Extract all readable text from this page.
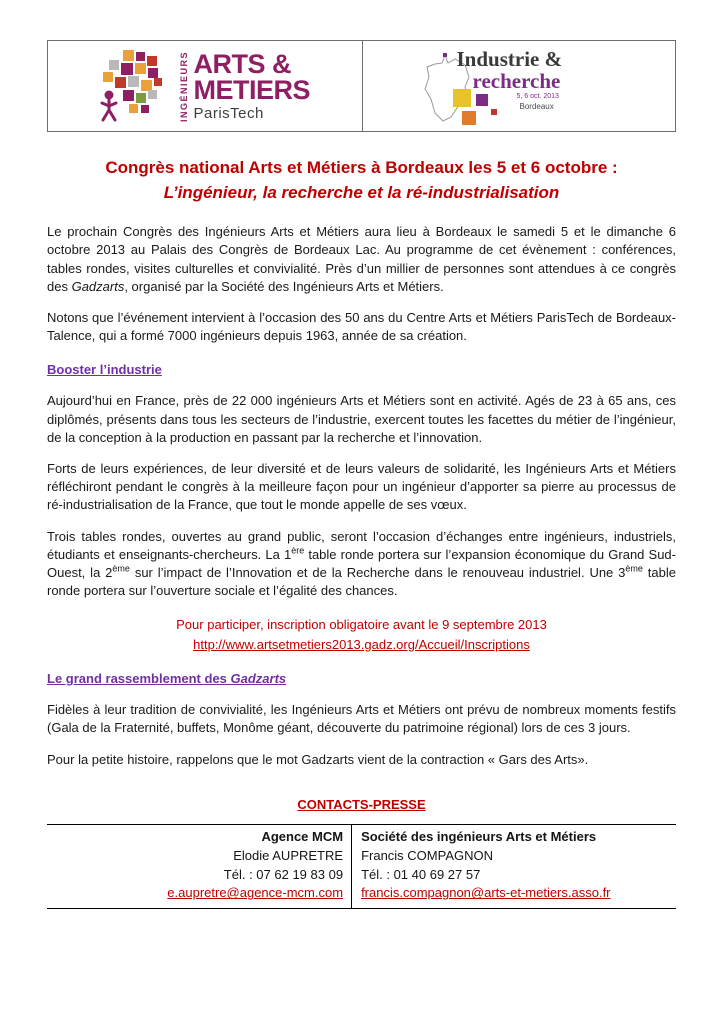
INGÉNIEURS ARTS &
METIERS
ParisTech
Industrie &
recherche
5, 6 oct. 2013
Bordeaux
Congrès national Arts et Métiers à Bordeaux les 5 et 6 octobre :
L’ingénieur, la recherche et la ré-industrialisation

Le prochain Congrès des Ingénieurs Arts et Métiers aura lieu à Bordeaux le samedi 5 et le dimanche 6 octobre 2013 au Palais des Congrès de Bordeaux Lac. Au programme de cet évènement : conférences, tables rondes, visites culturelles et convivialité. Près d’un millier de personnes sont attendues à ce congrès des Gadzarts, organisé par la Société des Ingénieurs Arts et Métiers.

Notons que l’événement intervient à l’occasion des 50 ans du Centre Arts et Métiers ParisTech de Bordeaux-Talence, qui a formé 7000 ingénieurs depuis 1963, année de sa création.

Booster l’industrie

Aujourd’hui en France, près de 22 000 ingénieurs Arts et Métiers sont en activité. Agés de 23 à 65 ans, ces diplômés, présents dans tous les secteurs de l’industrie, exercent toutes les facettes du métier de l’ingénieur, de la conception à la production en passant par la recherche et l’innovation.

Forts de leurs expériences, de leur diversité et de leurs valeurs de solidarité, les Ingénieurs Arts et Métiers réfléchiront pendant le congrès à la meilleure façon pour un ingénieur d’apporter sa pierre au processus de ré-industrialisation de la France, que tout le monde appelle de ses vœux.

Trois tables rondes, ouvertes au grand public, seront l’occasion d’échanges entre ingénieurs, industriels, étudiants et enseignants-chercheurs. La 1ère table ronde portera sur l’expansion économique du Grand Sud-Ouest, la 2ème sur l’impact de l’Innovation et de la Recherche dans le renouveau industriel. Une 3ème table ronde portera sur l’ouverture sociale et l’égalité des chances.

Pour participer, inscription obligatoire avant le 9 septembre 2013
http://www.artsetmetiers2013.gadz.org/Accueil/Inscriptions
Le grand rassemblement des Gadzarts

Fidèles à leur tradition de convivialité, les Ingénieurs Arts et Métiers ont prévu de nombreux moments festifs (Gala de la Fraternité, buffets, Monôme géant, découverte du patrimoine régional) lors de ces 3 jours.

Pour la petite histoire, rappelons que le mot Gadzarts vient de la contraction « Gars des Arts».

CONTACTS-PRESSE
Agence MCM
Elodie AUPRETRE
Tél. : 07 62 19 83 09
e.aupretre@agence-mcm.com
Société des ingénieurs Arts et Métiers
Francis COMPAGNON
Tél. : 01 40 69 27 57
francis.compagnon@arts-et-metiers.asso.fr
